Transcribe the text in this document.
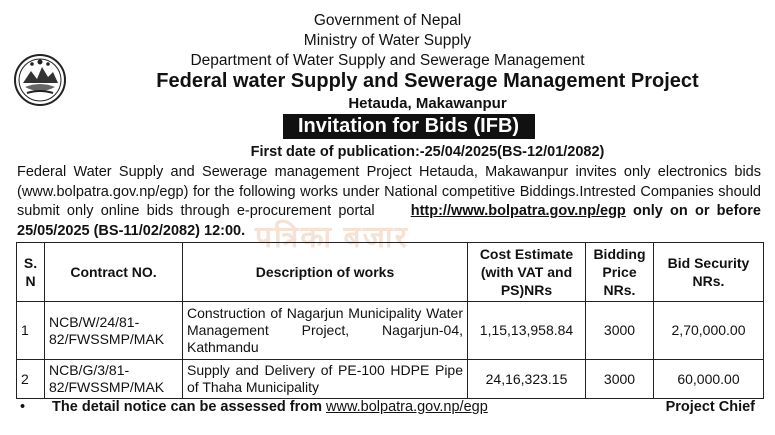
Government of Nepal
Ministry of Water Supply
Department of Water Supply and Sewerage Management
Federal water Supply and Sewerage Management Project
Hetauda, Makawanpur
Invitation for Bids (IFB)
First date of publication:-25/04/2025(BS-12/01/2082)
Federal Water Supply and Sewerage management Project Hetauda, Makawanpur invites only electronics bids (www.bolpatra.gov.np/egp) for the following works under National competitive Biddings.Intrested Companies should submit only online bids through e-procurement portal http://www.bolpatra.gov.np/egp only on or before 25/05/2025 (BS-11/02/2082) 12:00. पत्रिका बजार
S.
N	Contract NO.	Description of works	Cost Estimate (with VAT and PS)NRs	Bidding Price NRs.	Bid Security NRs.
1	NCB/W/24/81-82/FWSSMP/MAK	Construction of Nagarjun Municipality Water Management Project, Nagarjun-04, Kathmandu	1,15,13,958.84	3000	2,70,000.00
2	NCB/G/3/81-82/FWSSMP/MAK	Supply and Delivery of PE-100 HDPE Pipe of Thaha Municipality	24,16,323.15	3000	60,000.00
• The detail notice can be assessed from www.bolpatra.gov.np/egp	Project Chief
